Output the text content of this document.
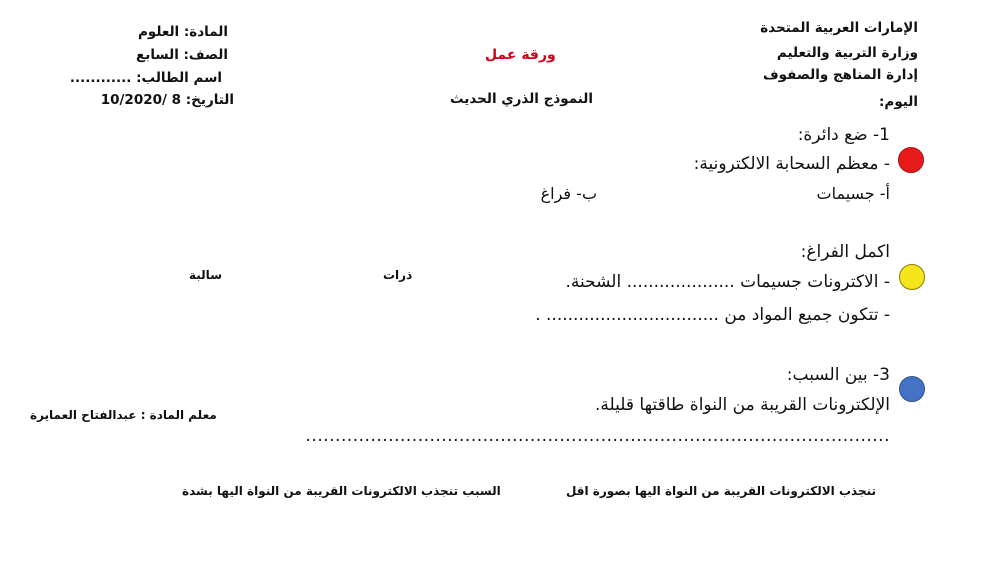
الإمارات العربية المتحدة
وزارة التربية والتعليم
إدارة المناهج والصفوف
اليوم:
ورقة عمل
النموذج الذري الحديث
المادة: العلوم
الصف: السابع
اسم الطالب: ............
التاريخ: 8 /10/2020
1- ضع دائرة:
- معظم السحابة الالكترونية:
أ- جسيمات
ب- فراغ
اكمل الفراغ:
- الاكترونات جسيمات .................... الشحنة.
- تتكون جميع المواد من ................................ .
سالبة	ذرات
3- بين السبب:
الإلكترونات القريبة من النواة طاقتها قليلة.
...................................................................................................
معلم المادة : عبدالفتاح العمايرة
تنجذب الالكترونات القريبة من النواة اليها بصورة اقل
السبب تنجذب الالكترونات القريبة من النواة اليها بشدة
